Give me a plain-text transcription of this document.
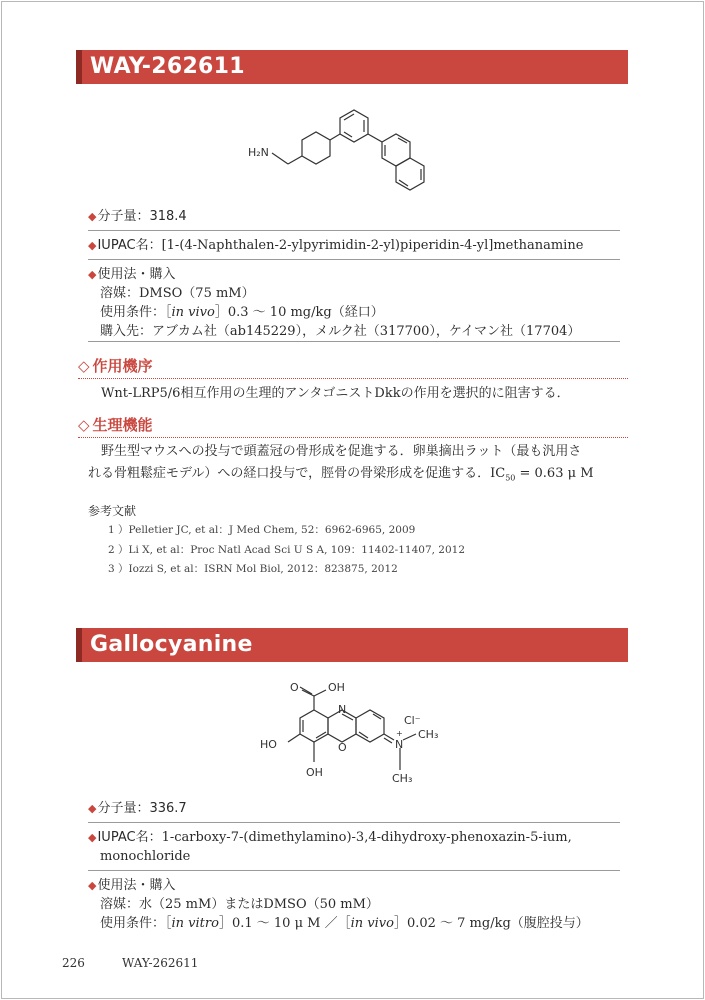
WAY-262611
H₂N
◆分子量：318.4
◆IUPAC名：[1-(4-Naphthalen-2-ylpyrimidin-2-yl)piperidin-4-yl]methanamine
◆使用法・購入
溶媒：DMSO（75 mM）
使用条件：［in vivo］0.3 〜 10 mg/kg（経口）
購入先：アブカム社（ab145229），メルク社（317700），ケイマン社（17704）
◇ 作用機序
Wnt-LRP5/6相互作用の生理的アンタゴニストDkkの作用を選択的に阻害する．
◇ 生理機能
野生型マウスへの投与で頭蓋冠の骨形成を促進する．卵巣摘出ラット（最も汎用さ
れる骨粗鬆症モデル）への経口投与で，脛骨の骨梁形成を促進する．$IC_{50} = 0.63$ μ M
参考文献
1 ）Pelletier JC, et al：J Med Chem, 52：6962-6965, 2009
2 ）Li X, et al：Proc Natl Acad Sci U S A, 109：11402-11407, 2012
3 ）Iozzi S, et al：ISRN Mol Biol, 2012：823875, 2012
Gallocyanine
O	OH
N
O
Cl⁻
N
+ CH₃
CH₃
HO
OH
◆分子量：336.7
◆IUPAC名：1-carboxy-7-(dimethylamino)-3,4-dihydroxy-phenoxazin-5-ium,
monochloride
◆使用法・購入
溶媒：水（25 mM）またはDMSO（50 mM）
使用条件：［in vitro］0.1 〜 10 μ M ／［in vivo］0.02 〜 7 mg/kg（腹腔投与）
226	WAY-262611
